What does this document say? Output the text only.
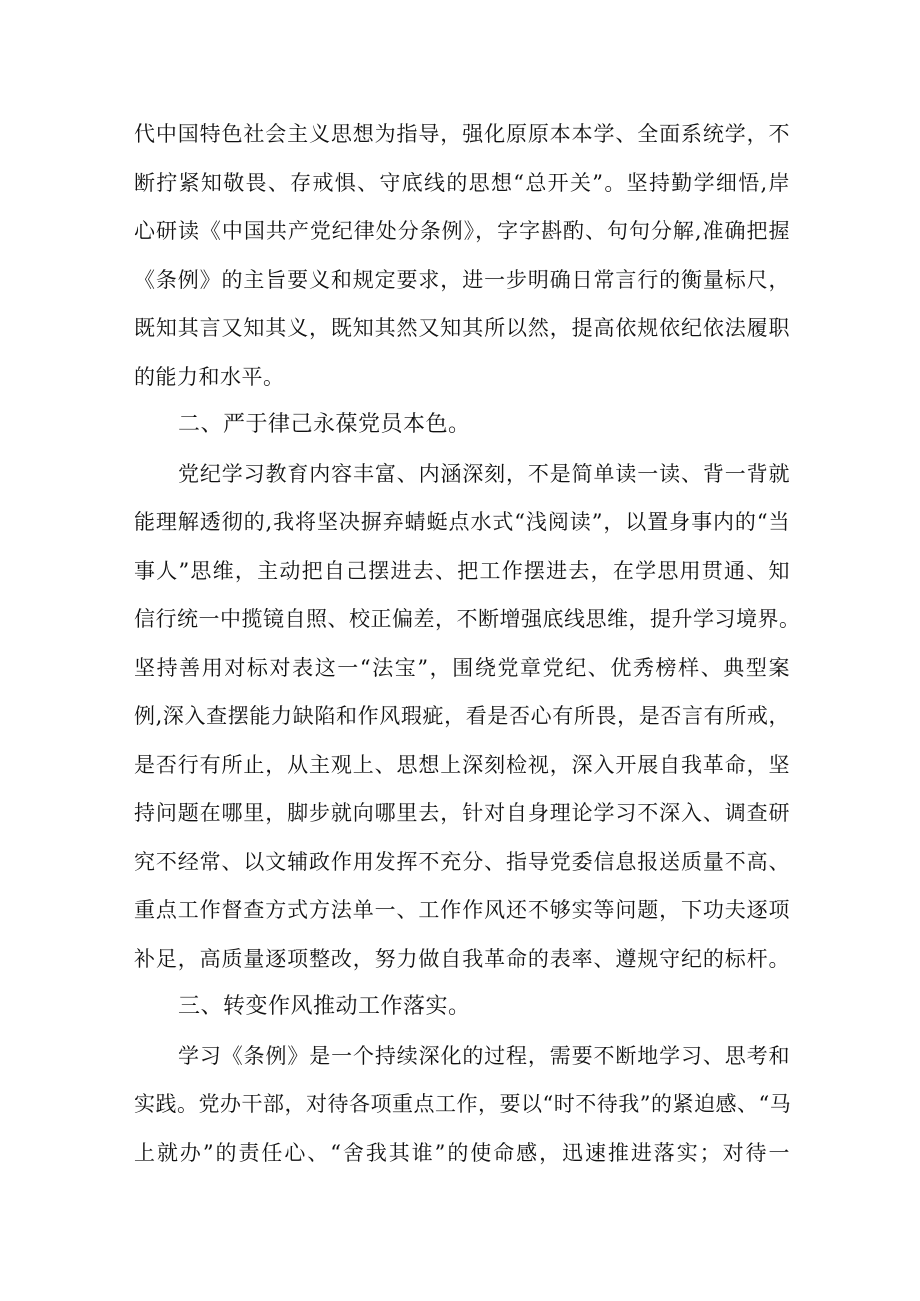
代中国特色社会主义思想为指导，强化原原本本学、全面系统学，不
断拧紧知敬畏、存戒惧、守底线的思想“总开关”。坚持勤学细悟,岸
心研读《中国共产党纪律处分条例》，字字斟酌、句句分解,准确把握
《条例》的主旨要义和规定要求，进一步明确日常言行的衡量标尺，
既知其言又知其义，既知其然又知其所以然，提高依规依纪依法履职
的能力和水平。
二、严于律己永葆党员本色。
党纪学习教育内容丰富、内涵深刻，不是简单读一读、背一背就
能理解透彻的,我将坚决摒弃蜻蜓点水式“浅阅读”，以置身事内的“当
事人”思维，主动把自己摆进去、把工作摆进去，在学思用贯通、知
信行统一中揽镜自照、校正偏差，不断增强底线思维，提升学习境界。
坚持善用对标对表这一“法宝”，围绕党章党纪、优秀榜样、典型案
例,深入查摆能力缺陷和作风瑕疵，看是否心有所畏，是否言有所戒，
是否行有所止，从主观上、思想上深刻检视，深入开展自我革命，坚
持问题在哪里，脚步就向哪里去，针对自身理论学习不深入、调查研
究不经常、以文辅政作用发挥不充分、指导党委信息报送质量不高、
重点工作督查方式方法单一、工作作风还不够实等问题，下功夫逐项
补足，高质量逐项整改，努力做自我革命的表率、遵规守纪的标杆。
三、转变作风推动工作落实。
学习《条例》是一个持续深化的过程，需要不断地学习、思考和
实践。党办干部，对待各项重点工作，要以“时不待我”的紧迫感、“马
上就办”的责任心、“舍我其谁”的使命感，迅速推进落实；对待一
